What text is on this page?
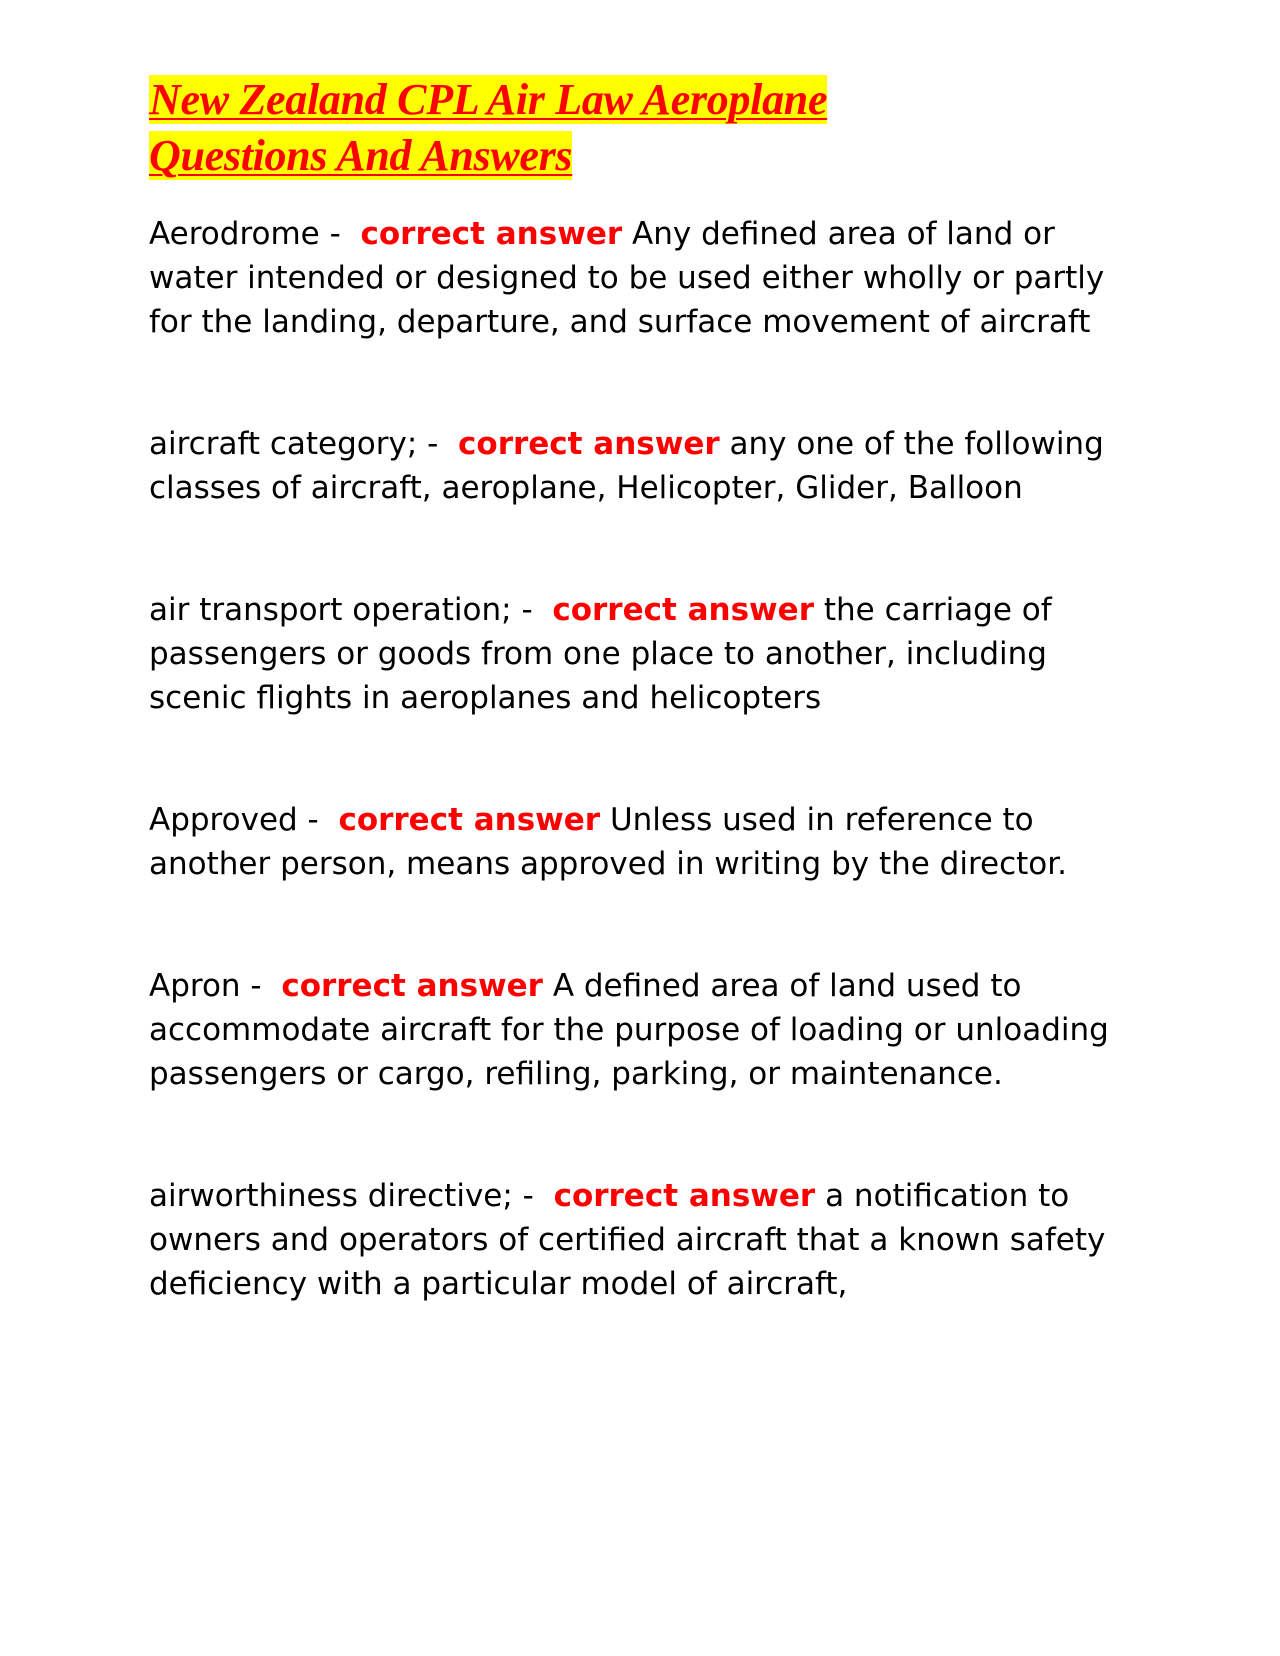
New Zealand CPL Air Law Aeroplane
Questions And Answers

Aerodrome -  correct answer Any defined area of land or water intended or designed to be used either wholly or partly for the landing, departure, and surface movement of aircraft

aircraft category; -  correct answer any one of the following classes of aircraft, aeroplane, Helicopter, Glider, Balloon

air transport operation; -  correct answer the carriage of passengers or goods from one place to another, including scenic flights in aeroplanes and helicopters

Approved -  correct answer Unless used in reference to another person, means approved in writing by the director.

Apron -  correct answer A defined area of land used to accommodate aircraft for the purpose of loading or unloading passengers or cargo, refiling, parking, or maintenance.

airworthiness directive; -  correct answer a notification to owners and operators of certified aircraft that a known safety deficiency with a particular model of aircraft,
